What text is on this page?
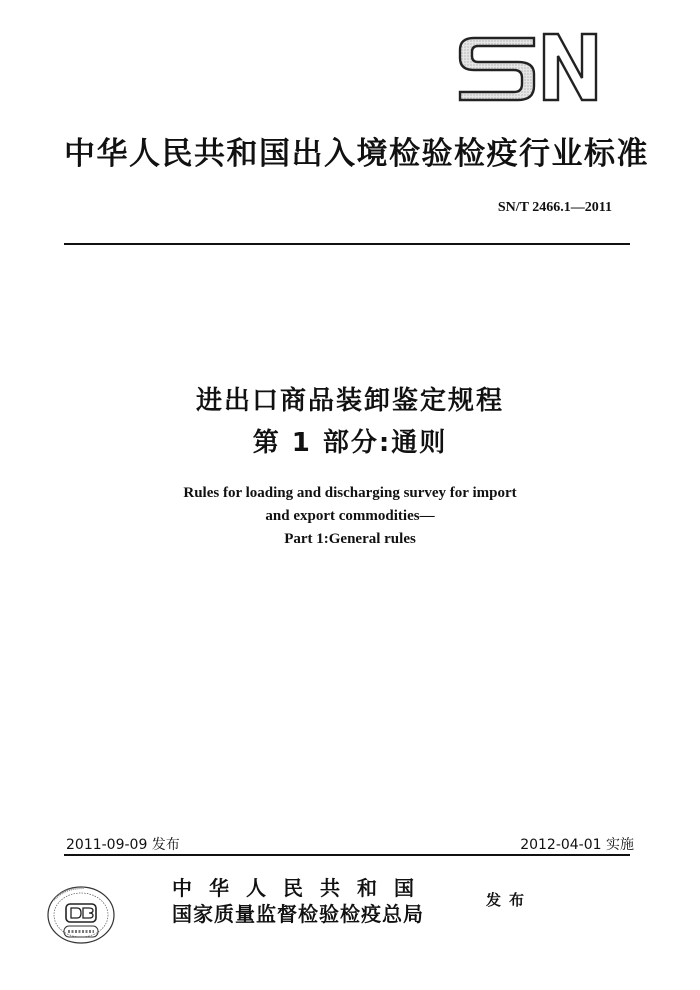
中华人民共和国出入境检验检疫行业标准
SN/T 2466.1—2011
进出口商品装卸鉴定规程
第 1 部分:通则
Rules for loading and discharging survey for import
and export commodities—
Part 1:General rules
2011-09-09 发布	2012-04-01 实施
中华人民共和国
国家质量监督检验检疫总局
发布
